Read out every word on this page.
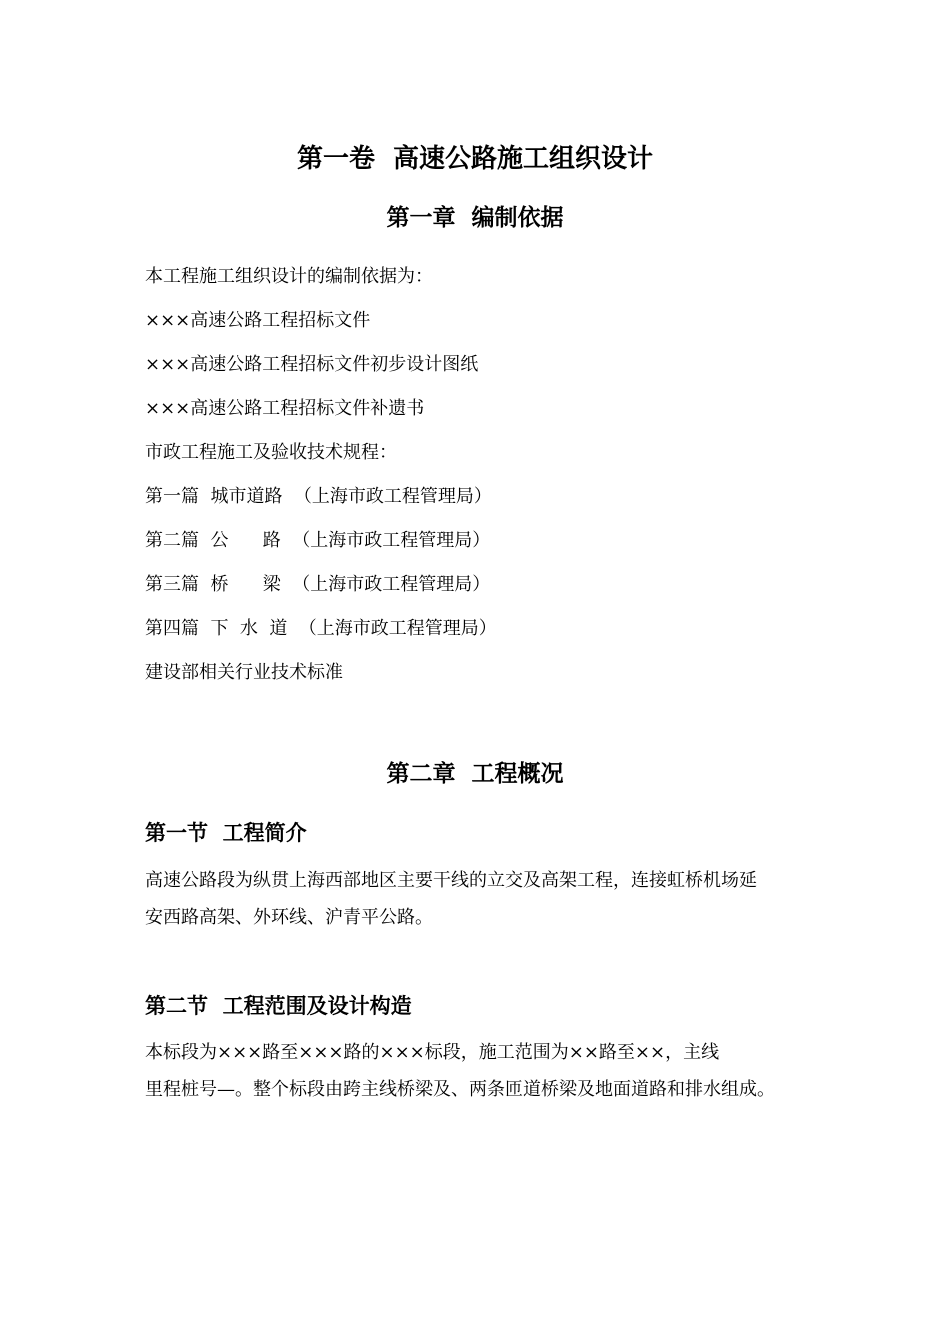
第一卷  高速公路施工组织设计
第一章  编制依据
本工程施工组织设计的编制依据为：
×××高速公路工程招标文件
×××高速公路工程招标文件初步设计图纸
×××高速公路工程招标文件补遗书
市政工程施工及验收技术规程：
第一篇  城市道路  （上海市政工程管理局）
第二篇  公      路  （上海市政工程管理局）
第三篇  桥      梁  （上海市政工程管理局）
第四篇  下  水  道  （上海市政工程管理局）
建设部相关行业技术标准
第二章  工程概况
第一节  工程简介
高速公路段为纵贯上海西部地区主要干线的立交及高架工程，连接虹桥机场延
安西路高架、外环线、沪青平公路。
第二节  工程范围及设计构造
本标段为×××路至×××路的×××标段，施工范围为××路至××，主线
里程桩号—。整个标段由跨主线桥梁及、两条匝道桥梁及地面道路和排水组成。
